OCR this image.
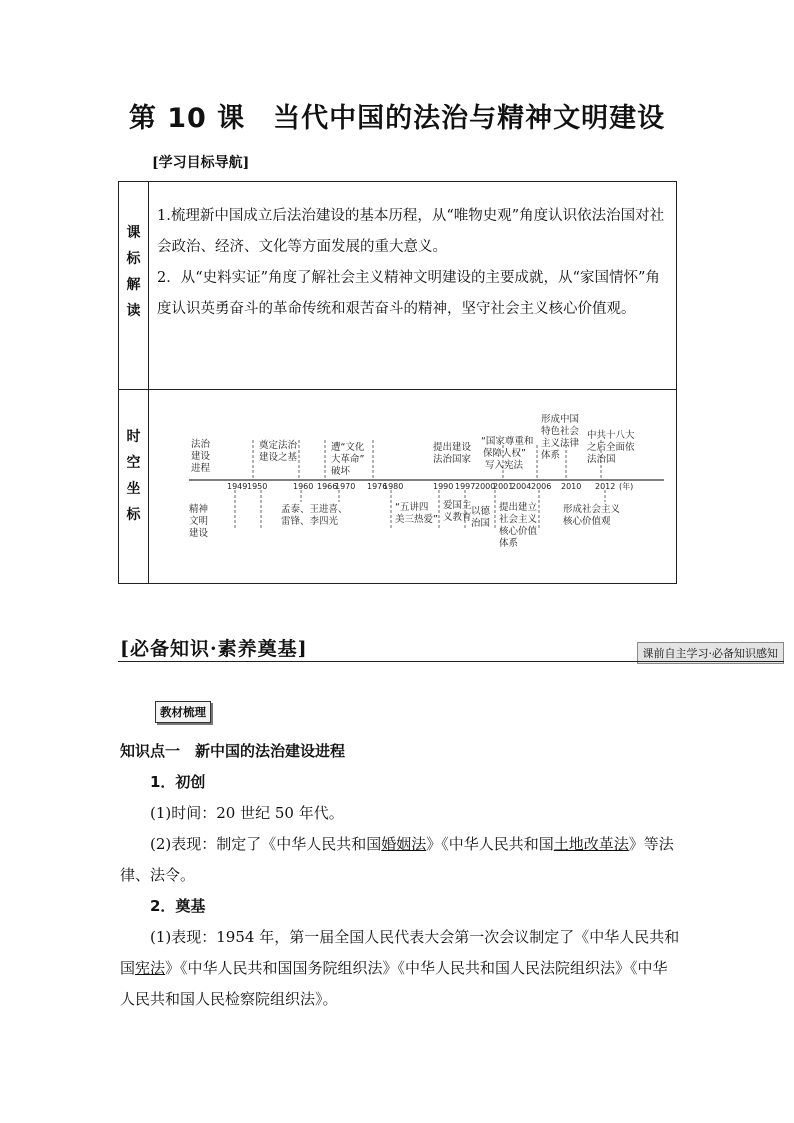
第 10 课　当代中国的法治与精神文明建设
[学习目标导航]
课
标
解
读

1.梳理新中国成立后法治建设的基本历程，从“唯物史观”角度认识依法治国对社会政治、经济、文化等方面发展的重大意义。

2．从“史料实证”角度了解社会主义精神文明建设的主要成就，从“家国情怀”角度认识英勇奋斗的革命传统和艰苦奋斗的精神，坚守社会主义核心价值观。

时
空
坐
标
法治 建设 进程
精神 文明 建设
1949 1950	1960 1966
1970 1976
1980	1990 1997 2000
2001
2004 2006 2010 2012 (年)
奠定法治 建设之基
遭“文化 大革命” 破坏
提出建设 法治国家
“国家尊重和 保障人权” 写入宪法
形成中国 特色社会 主义法律 体系
中共十八大 之后全面依 法治国
孟泰、王进喜、 雷锋、李四光
“五讲四 美三热爱”
爱国主 义教育
以德 治国
提出建立 社会主义 核心价值 体系
形成社会主义 核心价值观
[必备知识·素养奠基]	课前自主学习·必备知识感知
教材梳理

知识点一　新中国的法治建设进程

1．初创

(1)时间：20 世纪 50 年代。

(2)表现：制定了《中华人民共和国婚姻法》《中华人民共和国土地改革法》等法律、法令。

2．奠基

(1)表现：1954 年，第一届全国人民代表大会第一次会议制定了《中华人民共和国宪法》《中华人民共和国国务院组织法》《中华人民共和国人民法院组织法》《中华人民共和国人民检察院组织法》。
